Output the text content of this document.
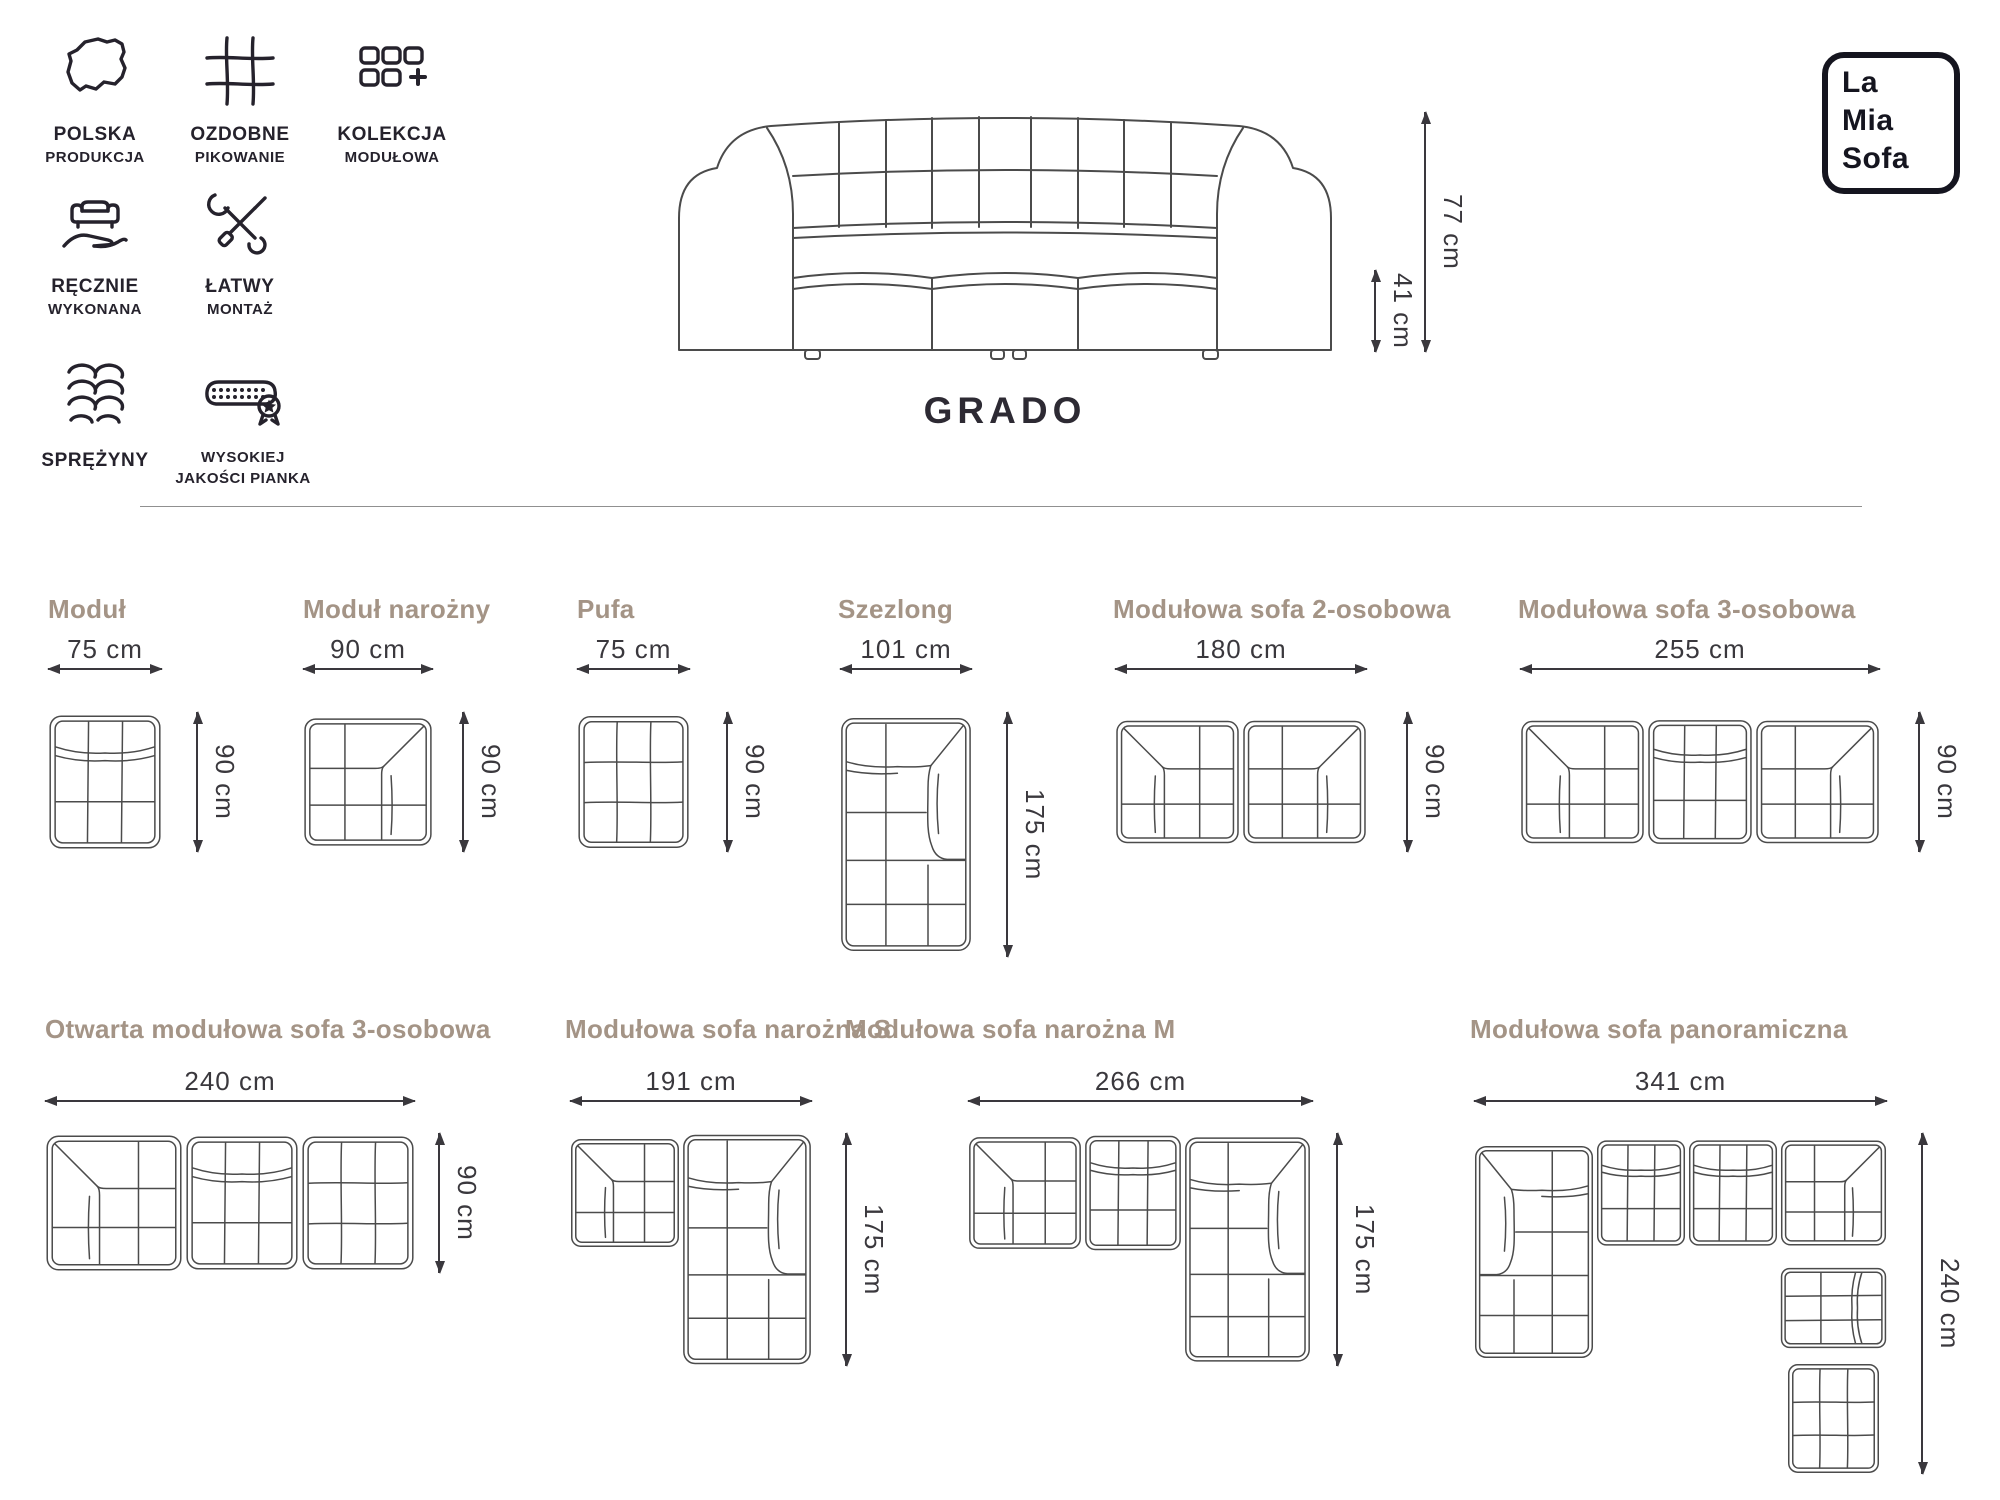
POLSKA
PRODUKCJA
OZDOBNE
PIKOWANIE
KOLEKCJA
MODUŁOWA
RĘCZNIE
WYKONANA
ŁATWY
MONTAŻ
SPRĘŻYNY	WYSOKIEJ
JAKOŚCI PIANKA
41 cm
77 cm
GRADO
La
Mia
Sofa
Moduł
75 cm
90 cm
Moduł narożny
90 cm
90 cm
Pufa
75 cm
90 cm
Szezlong
101 cm
175 cm
Modułowa sofa 2-osobowa
180 cm
90 cm
Modułowa sofa 3-osobowa
255 cm
90 cm
Otwarta modułowa sofa 3-osobowa
240 cm
90 cm
Modułowa sofa narożna S
191 cm
175 cm
Modułowa sofa narożna M
266 cm
175 cm
Modułowa sofa panoramiczna
341 cm
240 cm
